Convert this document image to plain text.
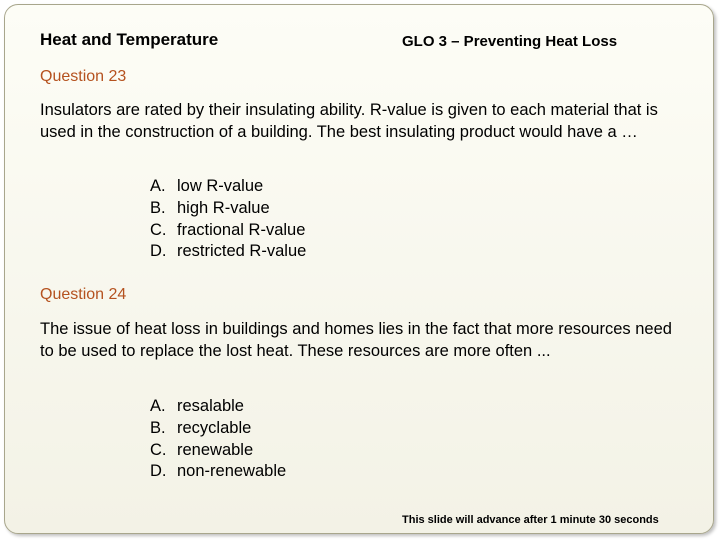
Heat and Temperature	GLO 3 – Preventing Heat Loss
Question 23
Insulators are rated by their insulating ability. R-value is given to each material that is used in the construction of a building. The best insulating product would have a …
A. low R-value
B. high R-value
C. fractional R-value
D. restricted R-value
Question 24
The issue of heat loss in buildings and homes lies in the fact that more resources need to be used to replace the lost heat. These resources are more often ...
A. resalable
B. recyclable
C. renewable
D. non-renewable
This slide will advance after 1 minute 30 seconds
